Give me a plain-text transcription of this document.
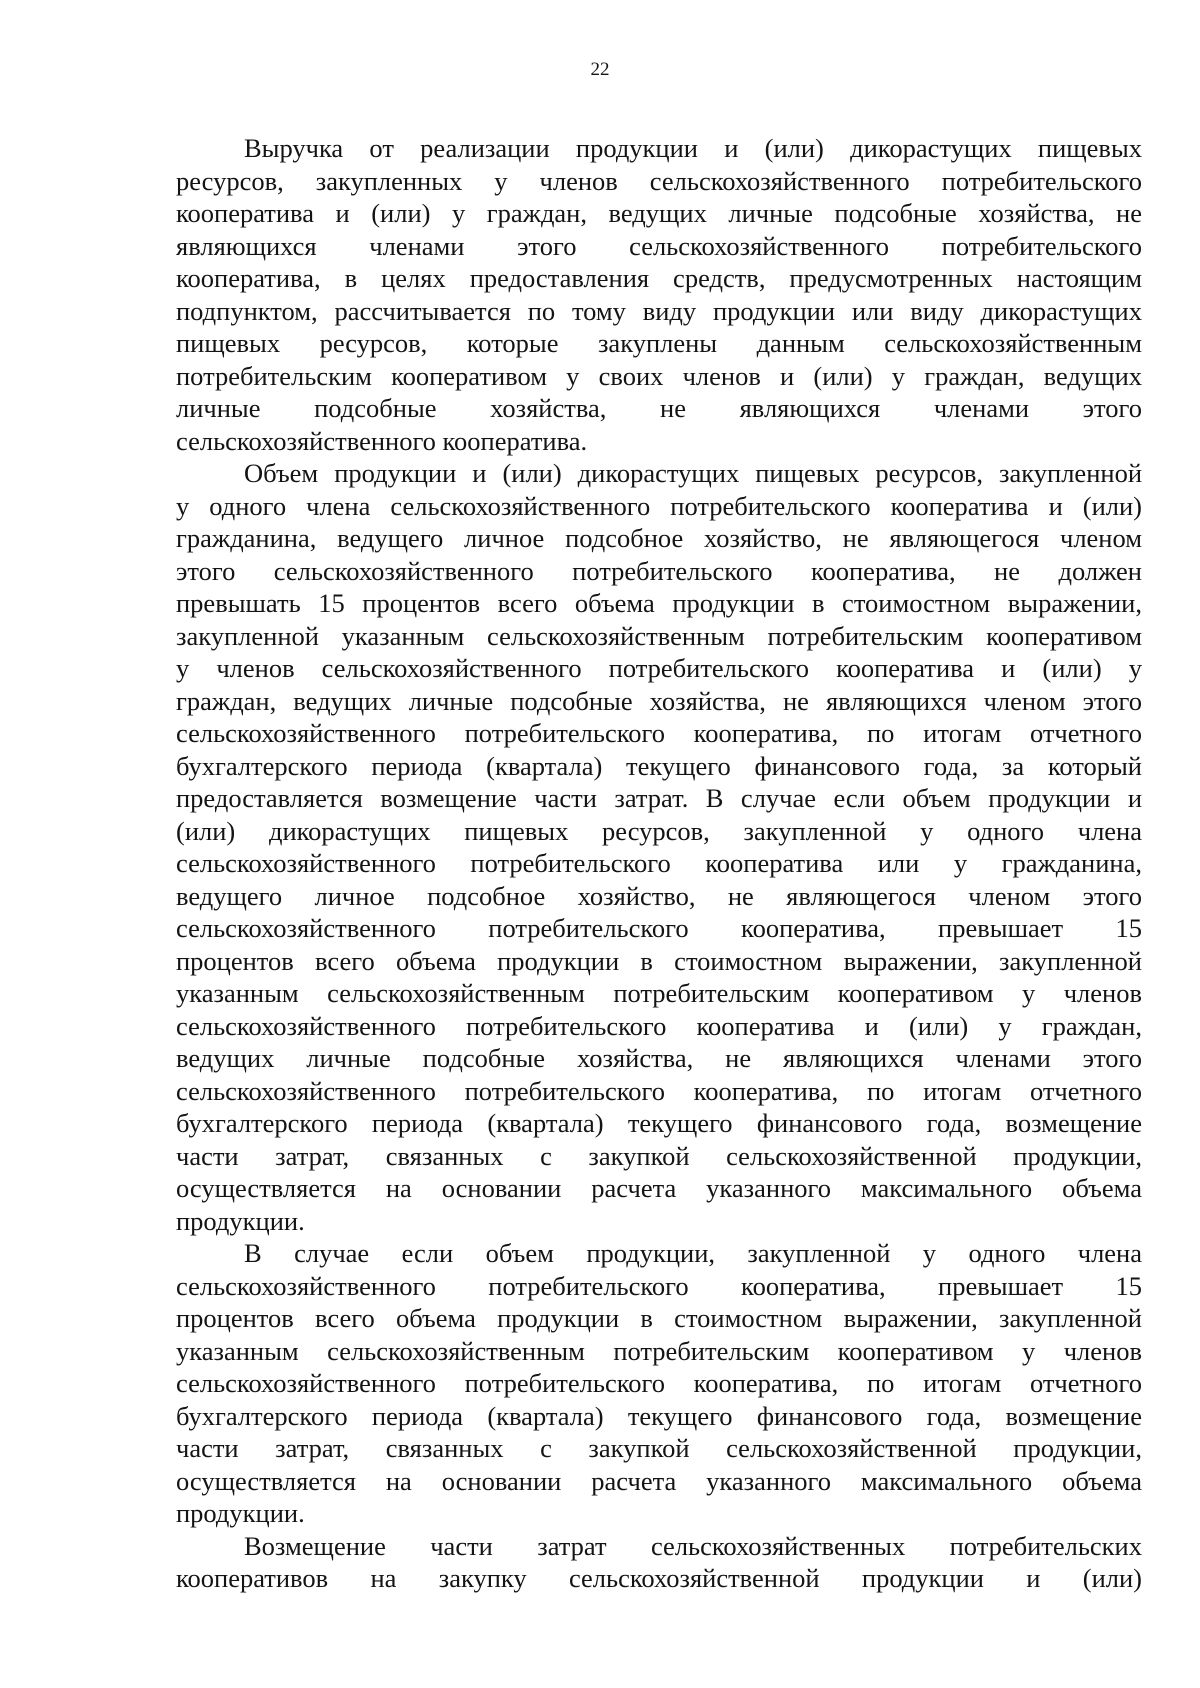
22

Выручка от реализации продукции и (или) дикорастущих пищевых
ресурсов, закупленных у членов сельскохозяйственного потребительского
кооператива и (или) у граждан, ведущих личные подсобные хозяйства, не
являющихся членами этого сельскохозяйственного потребительского
кооператива, в целях предоставления средств, предусмотренных настоящим
подпунктом, рассчитывается по тому виду продукции или виду дикорастущих
пищевых ресурсов, которые закуплены данным сельскохозяйственным
потребительским кооперативом у своих членов и (или) у граждан, ведущих
личные подсобные хозяйства, не являющихся членами этого
сельскохозяйственного кооператива.

Объем продукции и (или) дикорастущих пищевых ресурсов, закупленной
у одного члена сельскохозяйственного потребительского кооператива и (или)
гражданина, ведущего личное подсобное хозяйство, не являющегося членом
этого сельскохозяйственного потребительского кооператива, не должен
превышать 15 процентов всего объема продукции в стоимостном выражении,
закупленной указанным сельскохозяйственным потребительским кооперативом
у членов сельскохозяйственного потребительского кооператива и (или) у
граждан, ведущих личные подсобные хозяйства, не являющихся членом этого
сельскохозяйственного потребительского кооператива, по итогам отчетного
бухгалтерского периода (квартала) текущего финансового года, за который
предоставляется возмещение части затрат. В случае если объем продукции и
(или) дикорастущих пищевых ресурсов, закупленной у одного члена
сельскохозяйственного потребительского кооператива или у гражданина,
ведущего личное подсобное хозяйство, не являющегося членом этого
сельскохозяйственного потребительского кооператива, превышает 15
процентов всего объема продукции в стоимостном выражении, закупленной
указанным сельскохозяйственным потребительским кооперативом у членов
сельскохозяйственного потребительского кооператива и (или) у граждан,
ведущих личные подсобные хозяйства, не являющихся членами этого
сельскохозяйственного потребительского кооператива, по итогам отчетного
бухгалтерского периода (квартала) текущего финансового года, возмещение
части затрат, связанных с закупкой сельскохозяйственной продукции,
осуществляется на основании расчета указанного максимального объема
продукции.

В случае если объем продукции, закупленной у одного члена
сельскохозяйственного потребительского кооператива, превышает 15
процентов всего объема продукции в стоимостном выражении, закупленной
указанным сельскохозяйственным потребительским кооперативом у членов
сельскохозяйственного потребительского кооператива, по итогам отчетного
бухгалтерского периода (квартала) текущего финансового года, возмещение
части затрат, связанных с закупкой сельскохозяйственной продукции,
осуществляется на основании расчета указанного максимального объема
продукции.

Возмещение части затрат сельскохозяйственных потребительских
кооперативов на закупку сельскохозяйственной продукции и (или)
